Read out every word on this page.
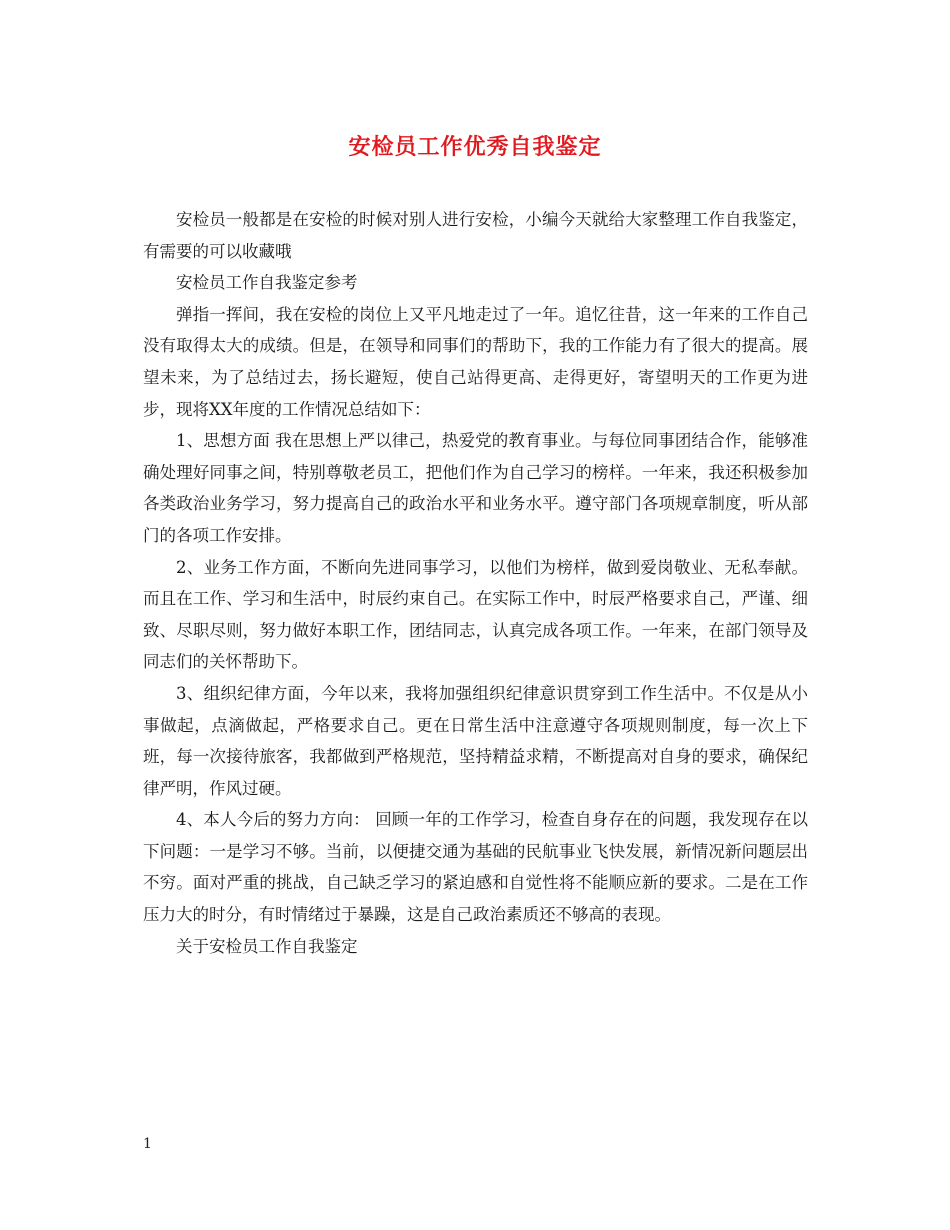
安检员工作优秀自我鉴定

安检员一般都是在安检的时候对别人进行安检，小编今天就给大家整理工作自我鉴定，有需要的可以收藏哦

安检员工作自我鉴定参考

弹指一挥间，我在安检的岗位上又平凡地走过了一年。追忆往昔，这一年来的工作自己没有取得太大的成绩。但是，在领导和同事们的帮助下，我的工作能力有了很大的提高。展望未来，为了总结过去，扬长避短，使自己站得更高、走得更好，寄望明天的工作更为进步，现将XX年度的工作情况总结如下：

1、思想方面 我在思想上严以律己，热爱党的教育事业。与每位同事团结合作，能够准确处理好同事之间，特别尊敬老员工，把他们作为自己学习的榜样。一年来，我还积极参加各类政治业务学习，努力提高自己的政治水平和业务水平。遵守部门各项规章制度，听从部门的各项工作安排。

2、业务工作方面，不断向先进同事学习，以他们为榜样，做到爱岗敬业、无私奉献。而且在工作、学习和生活中，时辰约束自己。在实际工作中，时辰严格要求自己，严谨、细致、尽职尽则，努力做好本职工作，团结同志，认真完成各项工作。一年来，在部门领导及同志们的关怀帮助下。

3、组织纪律方面，今年以来，我将加强组织纪律意识贯穿到工作生活中。不仅是从小事做起，点滴做起，严格要求自己。更在日常生活中注意遵守各项规则制度，每一次上下班，每一次接待旅客，我都做到严格规范，坚持精益求精，不断提高对自身的要求，确保纪律严明，作风过硬。

4、本人今后的努力方向： 回顾一年的工作学习，检查自身存在的问题，我发现存在以下问题：一是学习不够。当前，以便捷交通为基础的民航事业飞快发展，新情况新问题层出不穷。面对严重的挑战，自己缺乏学习的紧迫感和自觉性将不能顺应新的要求。二是在工作压力大的时分，有时情绪过于暴躁，这是自己政治素质还不够高的表现。

关于安检员工作自我鉴定

1
